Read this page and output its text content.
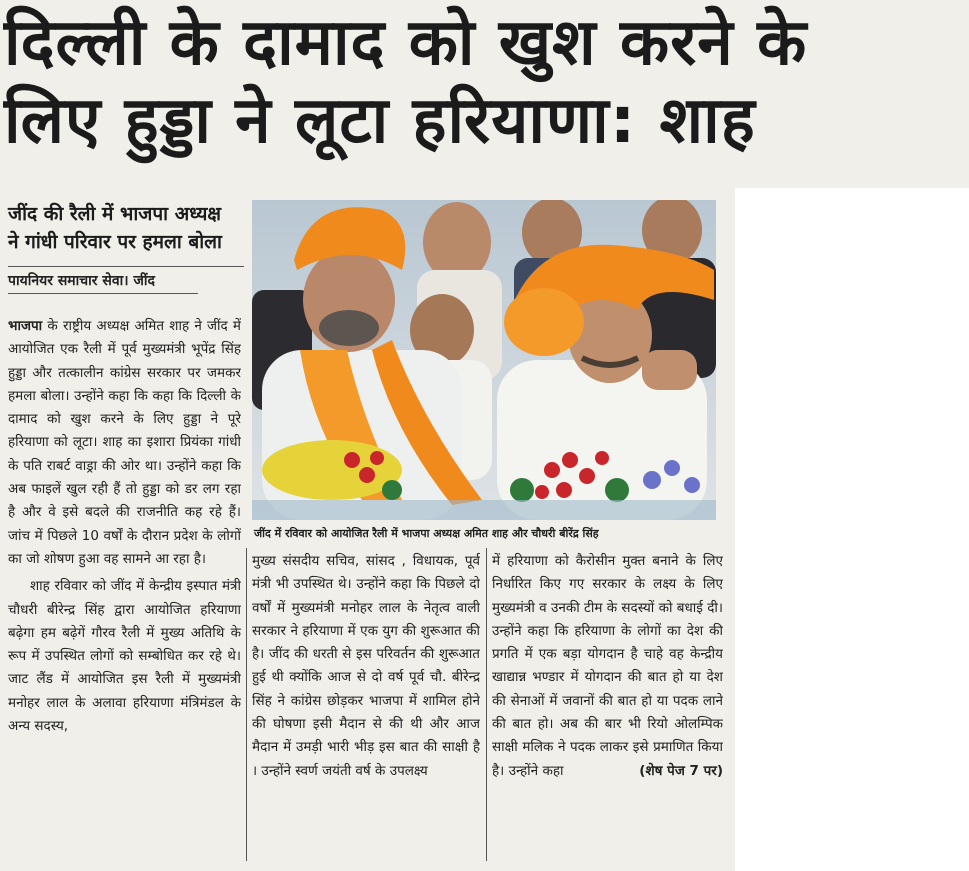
दिल्ली के दामाद को खुश करने के
लिए हुड्डा ने लूटा हरियाणा: शाह
जींद की रैली में भाजपा अध्यक्ष
ने गांधी परिवार पर हमला बोला
पायनियर समाचार सेवा। जींद
जींद में रविवार को आयोजित रैली में भाजपा अध्यक्ष अमित शाह और चौधरी बीरेंद्र सिंह

भाजपा के राष्ट्रीय अध्यक्ष अमित शाह ने जींद में आयोजित एक रैली में पूर्व मुख्यमंत्री भूपेंद्र सिंह हुड्डा और तत्कालीन कांग्रेस सरकार पर जमकर हमला बोला। उन्होंने कहा कि कहा कि दिल्ली के दामाद को खुश करने के लिए हुड्डा ने पूरे हरियाणा को लूटा। शाह का इशारा प्रियंका गांधी के पति राबर्ट वाड्रा की ओर था। उन्होंने कहा कि अब फाइलें खुल रही हैं तो हुड्डा को डर लग रहा है और वे इसे बदले की राजनीति कह रहे हैं। जांच में पिछले 10 वर्षों के दौरान प्रदेश के लोगों का जो शोषण हुआ वह सामने आ रहा है।

शाह रविवार को जींद में केन्द्रीय इस्पात मंत्री चौधरी बीरेन्द्र सिंह द्वारा आयोजित हरियाणा बढ़ेगा हम बढ़ेगें गौरव रैली में मुख्य अतिथि के रूप में उपस्थित लोगों को सम्बोधित कर रहे थे। जाट लैंड में आयोजित इस रैली में मुख्यमंत्री मनोहर लाल के अलावा हरियाणा मंत्रिमंडल के अन्य सदस्य,

मुख्य संसदीय सचिव, सांसद , विधायक, पूर्व मंत्री भी उपस्थित थे। उन्होंने कहा कि पिछले दो वर्षों में मुख्यमंत्री मनोहर लाल के नेतृत्व वाली सरकार ने हरियाणा में एक युग की शुरूआत की है। जींद की धरती से इस परिवर्तन की शुरूआत हुई थी क्योंकि आज से दो वर्ष पूर्व चौ. बीरेन्द्र सिंह ने कांग्रेस छोड़कर भाजपा में शामिल होने की घोषणा इसी मैदान से की थी और आज मैदान में उमड़ी भारी भीड़ इस बात की साक्षी है । उन्होंने स्वर्ण जयंती वर्ष के उपलक्ष्य

में हरियाणा को कैरोसीन मुक्त बनाने के लिए निर्धारित किए गए सरकार के लक्ष्य के लिए मुख्यमंत्री व उनकी टीम के सदस्यों को बधाई दी। उन्होंने कहा कि हरियाणा के लोगों का देश की प्रगति में एक बड़ा योगदान है चाहे वह केन्द्रीय खाद्यान्न भण्डार में योगदान की बात हो या देश की सेनाओं में जवानों की बात हो या पदक लाने की बात हो। अब की बार भी रियो ओलम्पिक साक्षी मलिक ने पदक लाकर इसे प्रमाणित किया है। उन्होंने कहा	(शेष पेज 7 पर)
